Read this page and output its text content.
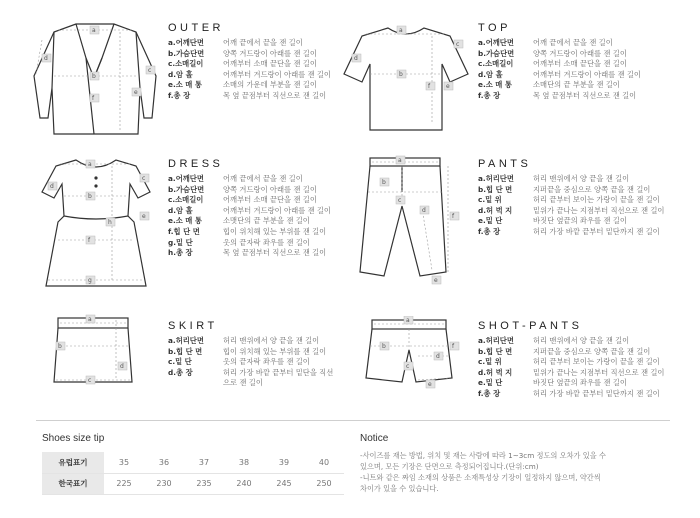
a
b
c
d
e
f
OUTER
a.어깨단면	어깨 끝에서 끝을 잰 길이
b.가슴단면	양쪽 겨드랑이 아래를 잰 길이
c.소매길이	어깨부터 소매 끝단을 잰 길이
d.암 홀	어깨부터 겨드랑이 아래를 잰 길이
e.소 매 통	소매의 가운데 부분을 잰 길이
f.총 장	목 옆 끝점부터 직선으로 잰 길이
a
b
c
d
e
f
TOP
a.어깨단면	어깨 끝에서 끝을 잰 길이
b.가슴단면	양쪽 겨드랑이 아래를 잰 길이
c.소매길이	어깨부터 소매 끝단을 잰 길이
d.암 홀	어깨부터 겨드랑이 아래를 잰 길이
e.소 매 통	소매단의 끝 부분을 잰 길이
f.총 장	목 옆 끝점부터 직선으로 잰 길이
a
b
c
d
e
f
g
h
DRESS
a.어깨단면	어깨 끝에서 끝을 잰 길이
b.가슴단면	양쪽 겨드랑이 아래를 잰 길이
c.소매길이	어깨부터 소매 끝단을 잰 길이
d.암 홀	어깨부터 겨드랑이 아래를 잰 길이
e.소 매 통	소맷단의 끝 부분을 잰 길이
f.힙 단 면	힙이 위치해 있는 부위를 잰 길이
g.밑 단	옷의 끝자락 좌우를 잰 길이
h.총 장	목 옆 끝점부터 직선으로 잰 길이
a
b
c
d
e
f
PANTS
a.허리단면	허리 맨위에서 양 끝을 잰 길이
b.힙 단 면	지퍼끝을 중심으로 양쪽 끝을 잰 길이
c.밑 위	허리 끝부터 보이는 가랑이 끝을 잰 길이
d.허 벅 지	밑위가 끝나는 지점부터 직선으로 잰 길이
e.밑 단	바짓단 옆끝의 좌우를 잰 길이
f.총 장	허리 가장 바깥 끝부터 밑단까지 잰 길이
a
b
c
d
SKIRT
a.허리단면	허리 맨위에서 양 끝을 잰 길이
b.힙 단 면	힙이 위치해 있는 부위를 잰 길이
c.밑 단	옷의 끝자락 좌우를 잰 길이
d.총 장	허리 가장 바깥 끝부터 밑단을 직선
으로 잰 길이
a
b
c
d
e
f
SHOT-PANTS
a.허리단면	허리 맨위에서 양 끝을 잰 길이
b.힙 단 면	지퍼끝을 중심으로 양쪽 끝을 잰 길이
c.밑 위	허리 끝부터 보이는 가랑이 끝을 잰 길이
d.허 벅 지	밑위가 끝나는 지점부터 직선으로 잰 길이
e.밑 단	바짓단 옆끝의 좌우를 잰 길이
f.총 장	허리 가장 바깥 끝부터 밑단까지 잰 길이
Shoes size tip
유럽표기	35	36	37	38	39	40
한국표기	225	230	235	240	245	250
Notice

-사이즈를 재는 방법, 위치 및 재는 사람에 따라 1~3cm 정도의 오차가 있을 수

있으며, 모든 기장은 단면으로 측정되어집니다.(단위:cm)

-니트와 같은 짜임 소재의 상품은 소재특성상 기장이 일정하지 않으며, 약간씩

차이가 있을 수 있습니다.
